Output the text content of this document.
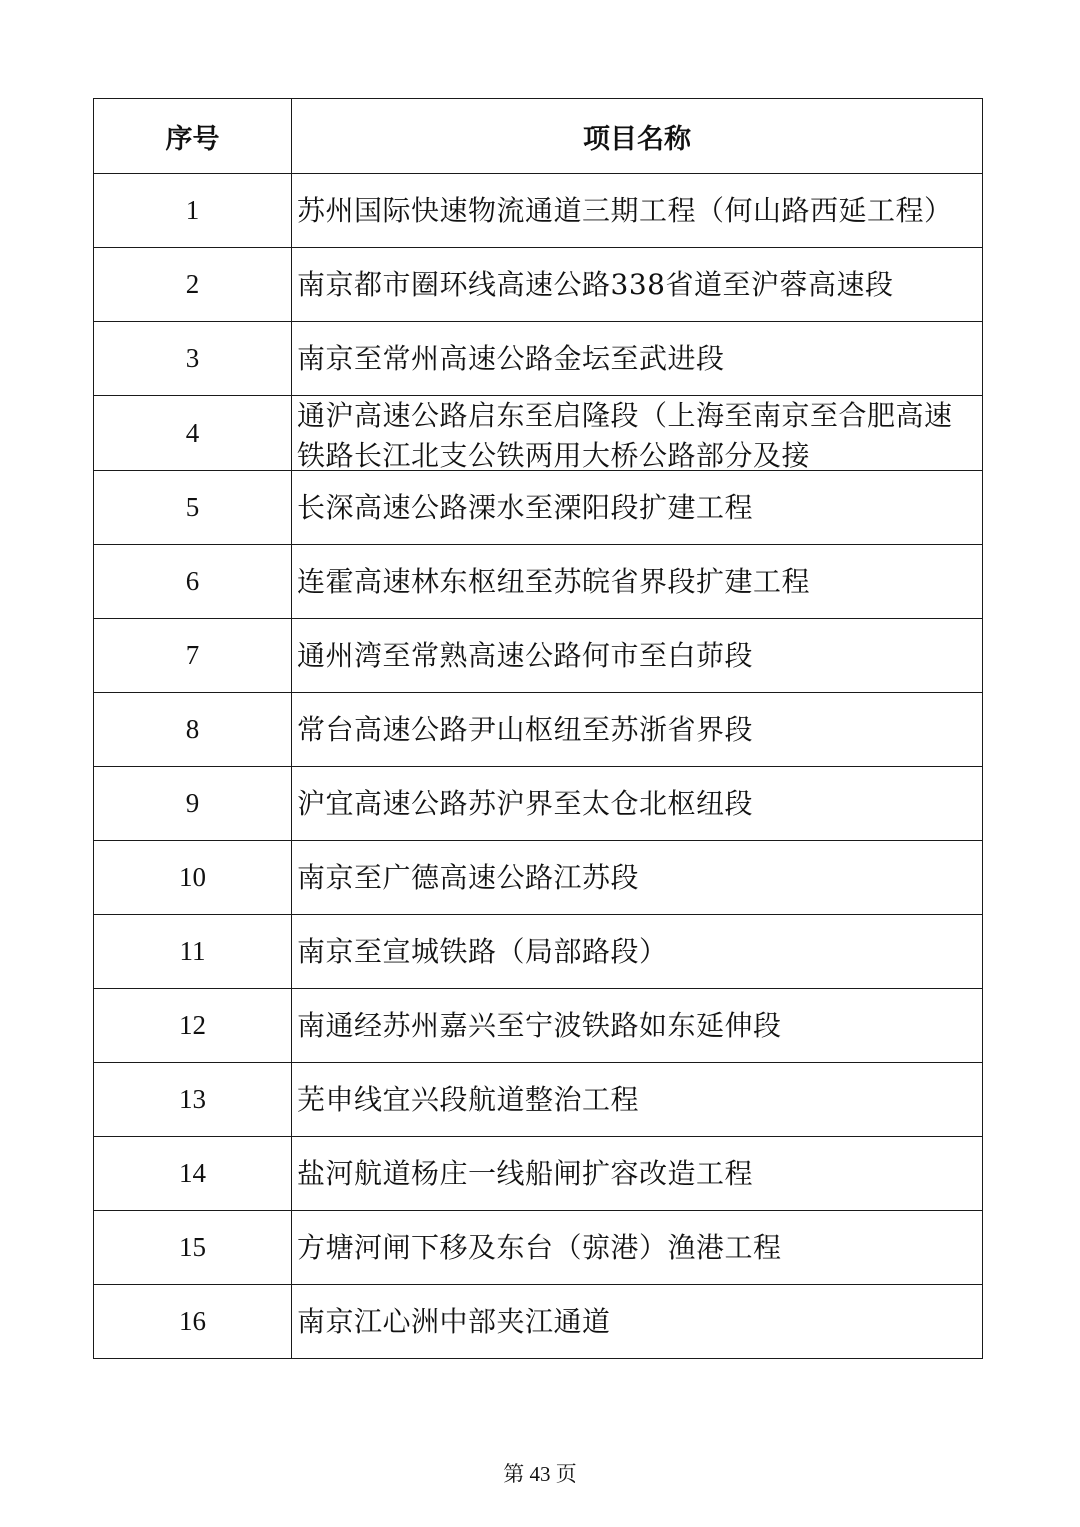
序号	项目名称
1	苏州国际快速物流通道三期工程（何山路西延工程）

2	南京都市圈环线高速公路338省道至沪蓉高速段

3	南京至常州高速公路金坛至武进段

4	通沪高速公路启东至启隆段（上海至南京至合肥高速铁路长江北支公铁两用大桥公路部分及接

5	长深高速公路溧水至溧阳段扩建工程

6	连霍高速林东枢纽至苏皖省界段扩建工程

7	通州湾至常熟高速公路何市至白茆段

8	常台高速公路尹山枢纽至苏浙省界段

9	沪宜高速公路苏沪界至太仓北枢纽段

10	南京至广德高速公路江苏段

11	南京至宣城铁路（局部路段）

12	南通经苏州嘉兴至宁波铁路如东延伸段

13	芜申线宜兴段航道整治工程

14	盐河航道杨庄一线船闸扩容改造工程

15	方塘河闸下移及东台（弶港）渔港工程

16	南京江心洲中部夹江通道
第 43 页
